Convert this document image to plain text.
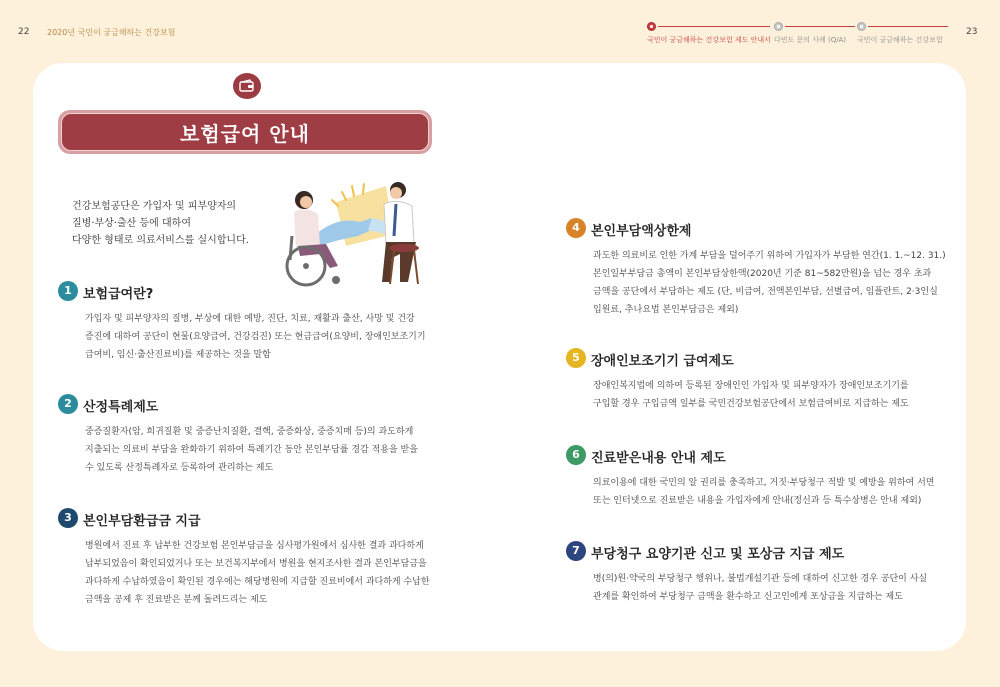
22 2020년 국민이 궁금해하는 건강보험
국민이 궁금해하는 건강보험 제도 안내서 다빈도 문의 사례 (Q/A) 국민이 궁금해하는 건강보험
23
보험급여 안내
건강보험공단은 가입자 및 피부양자의
질병·부상·출산 등에 대하여
다양한 형태로 의료서비스를 실시합니다.
1 보험급여란?
가입자 및 피부양자의 질병, 부상에 대한 예방, 진단, 치료, 재활과 출산, 사망 및 건강
증진에 대하여 공단이 현물(요양급여, 건강검진) 또는 현금급여(요양비, 장애인보조기기
급여비, 임신·출산진료비)를 제공하는 것을 말함
2 산정특례제도
중증질환자(암, 희귀질환 및 중증난치질환, 결핵, 중증화상, 중증치매 등)의 과도하게
지출되는 의료비 부담을 완화하기 위하여 특례기간 동안 본인부담률 경감 적용을 받을
수 있도록 산정특례자로 등록하여 관리하는 제도
3 본인부담환급금 지급
병원에서 진료 후 납부한 건강보험 본인부담금을 심사평가원에서 심사한 결과 과다하게
납부되었음이 확인되었거나 또는 보건복지부에서 병원을 현지조사한 결과 본인부담금을
과다하게 수납하였음이 확인된 경우에는 해당병원에 지급할 진료비에서 과다하게 수납한
금액을 공제 후 진료받은 분께 돌려드리는 제도
4 본인부담액상한제
과도한 의료비로 인한 가계 부담을 덜어주기 위하여 가입자가 부담한 연간(1. 1.~12. 31.)
본인일부부담금 총액이 본인부담상한액(2020년 기준 81~582만원)을 넘는 경우 초과
금액을 공단에서 부담하는 제도 (단, 비급여, 전액본인부담, 선별급여, 임플란트, 2·3인실
입원료, 추나요법 본인부담금은 제외)
5 장애인보조기기 급여제도
장애인복지법에 의하여 등록된 장애인인 가입자 및 피부양자가 장애인보조기기를
구입할 경우 구입금액 일부를 국민건강보험공단에서 보험급여비로 지급하는 제도
6 진료받은내용 안내 제도
의료이용에 대한 국민의 알 권리를 충족하고, 거짓·부당청구 적발 및 예방을 위하여 서면
또는 인터넷으로 진료받은 내용을 가입자에게 안내(정신과 등 특수상병은 안내 제외)
7 부당청구 요양기관 신고 및 포상금 지급 제도
병(의)원·약국의 부당청구 행위나, 불법개설기관 등에 대하여 신고한 경우 공단이 사실
관계를 확인하여 부당청구 금액을 환수하고 신고인에게 포상금을 지급하는 제도
